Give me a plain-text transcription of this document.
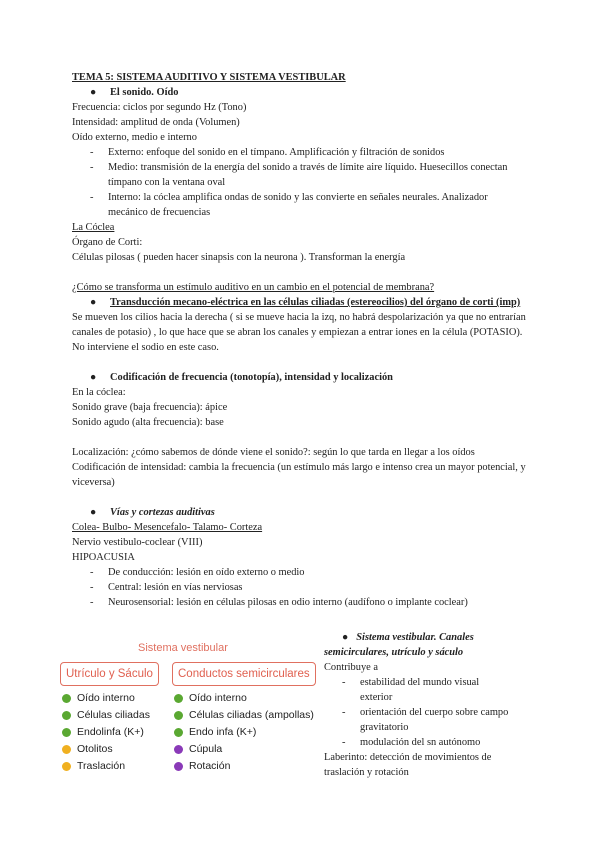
TEMA 5: SISTEMA AUDITIVO Y SISTEMA VESTIBULAR
●	El sonido. Oído
Frecuencia: ciclos por segundo Hz (Tono)
Intensidad: amplitud de onda (Volumen)
Oído externo, medio e interno
-	Externo: enfoque del sonido en el tímpano. Amplificación y filtración de sonidos
-	Medio: transmisión de la energía del sonido a través de límite aire líquido. Huesecillos conectan tímpano con la ventana oval
-	Interno: la cóclea amplifica ondas de sonido y las convierte en señales neurales. Analizador mecánico de frecuencias
La Cóclea
Órgano de Corti:
Células pilosas ( pueden hacer sinapsis con la neurona ). Transforman la energía
¿Cómo se transforma un estímulo auditivo en un cambio en el potencial de membrana?
●	Transducción mecano-eléctrica en las células ciliadas (estereocilios) del órgano de corti (imp)
Se mueven los cilios hacia la derecha ( si se mueve hacia la izq, no habrá despolarización ya que no entrarían canales de potasio) , lo que hace que se abran los canales y empiezan a entrar iones en la célula (POTASIO). No interviene el sodio en este caso.
●	Codificación de frecuencia (tonotopía), intensidad y localización
En la cóclea:
Sonido grave (baja frecuencia): ápice
Sonido agudo (alta frecuencia): base
Localización: ¿cómo sabemos de dónde viene el sonido?: según lo que tarda en llegar a los oídos
Codificación de intensidad: cambia la frecuencia (un estímulo más largo e intenso crea un mayor potencial, y viceversa)
●	Vías y cortezas auditivas
Colea- Bulbo- Mesencefalo- Talamo- Corteza
Nervio vestibulo-coclear (VIII)
HIPOACUSIA
-	De conducción: lesión en oído externo o medio
-	Central: lesión en vías nerviosas
-	Neurosensorial: lesión en células pilosas en odio interno (audífono o implante coclear)
Sistema vestibular
Utrículo y Sáculo	Conductos semicirculares
Oído interno
Células ciliadas
Endolinfa (K+)
Otolitos
Traslación
Oído interno
Células ciliadas (ampollas)
Endo infa (K+)
Cúpula
Rotación
● Sistema vestibular. Canales semicirculares, utrículo y sáculo
Contribuye a
-	estabilidad del mundo visual exterior
-	orientación del cuerpo sobre campo gravitatorio
-	modulación del sn autónomo
Laberinto: detección de movimientos de traslación y rotación
